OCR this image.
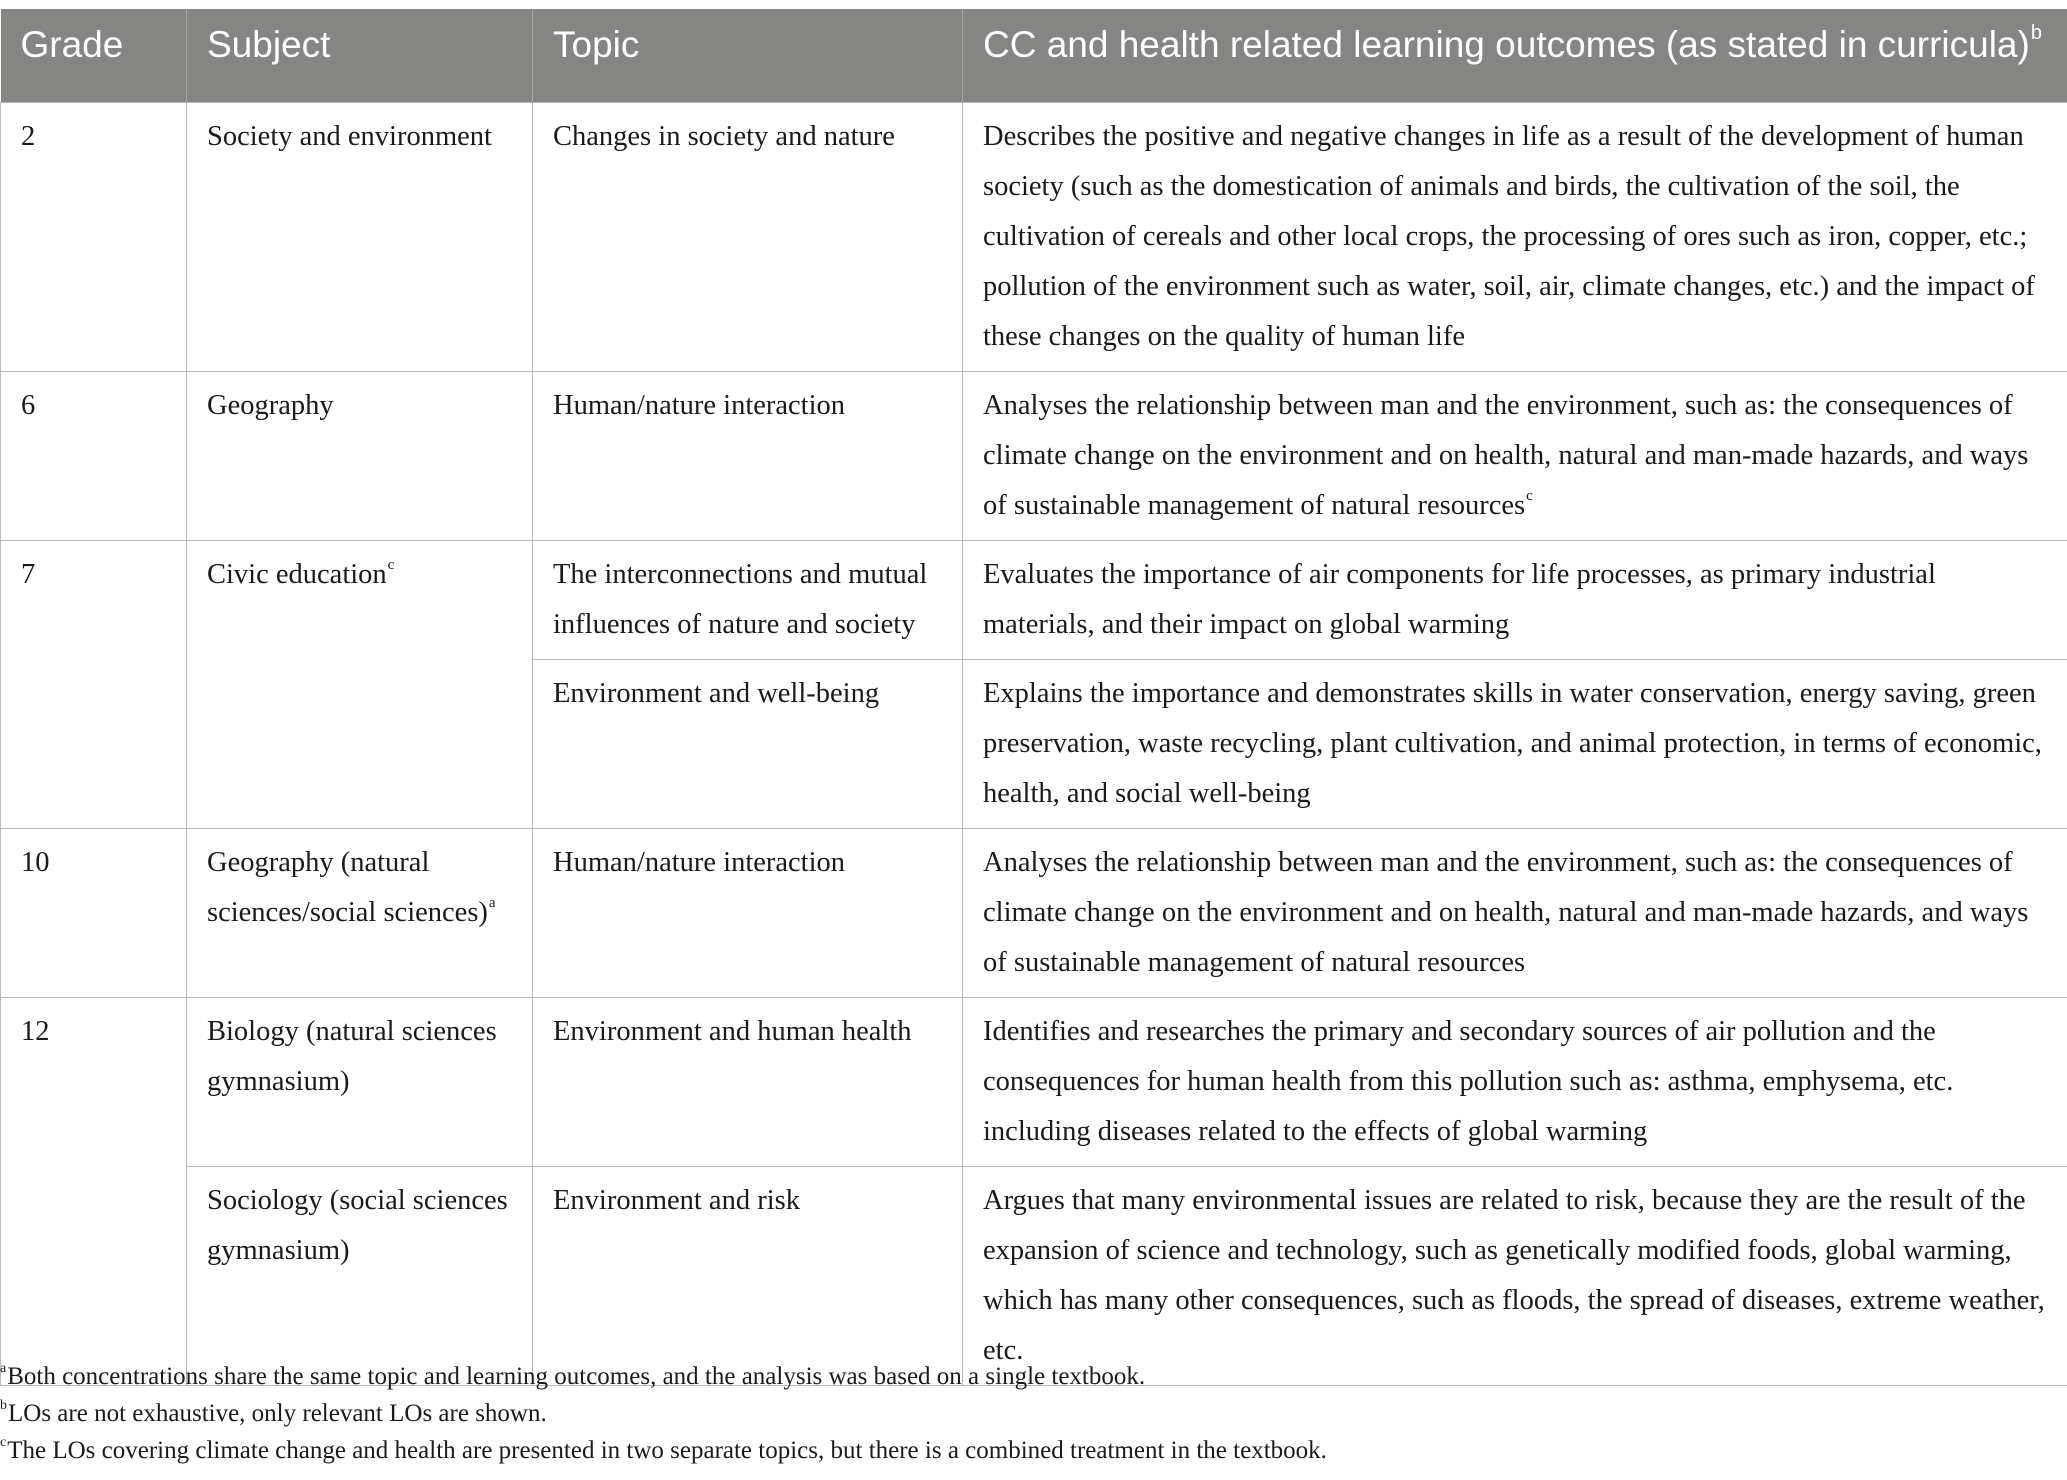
Grade	Subject	Topic	CC and health related learning outcomes (as stated in curricula)$^b$
2	Society and environment	Changes in society and nature	Describes the positive and negative changes in life as a result of the development of human society (such as the domestication of animals and birds, the cultivation of the soil, the cultivation of cereals and other local crops, the processing of ores such as iron, copper, etc.; pollution of the environment such as water, soil, air, climate changes, etc.) and the impact of these changes on the quality of human life
6	Geography	Human/nature interaction	Analyses the relationship between man and the environment, such as: the consequences of climate change on the environment and on health, natural and man-made hazards, and ways of sustainable management of natural resources$^c$
7	Civic education$^c$	The interconnections and mutual influences of nature and society	Evaluates the importance of air components for life processes, as primary industrial materials, and their impact on global warming
		Environment and well-being	Explains the importance and demonstrates skills in water conservation, energy saving, green preservation, waste recycling, plant cultivation, and animal protection, in terms of economic, health, and social well-being
10	Geography (natural sciences/social sciences)$^a$	Human/nature interaction	Analyses the relationship between man and the environment, such as: the consequences of climate change on the environment and on health, natural and man-made hazards, and ways of sustainable management of natural resources
12	Biology (natural sciences gymnasium)	Environment and human health	Identifies and researches the primary and secondary sources of air pollution and the consequences for human health from this pollution such as: asthma, emphysema, etc. including diseases related to the effects of global warming
	Sociology (social sciences gymnasium)	Environment and risk	Argues that many environmental issues are related to risk, because they are the result of the expansion of science and technology, such as genetically modified foods, global warming, which has many other consequences, such as floods, the spread of diseases, extreme weather, etc.

$^a$Both concentrations share the same topic and learning outcomes, and the analysis was based on a single textbook.

$^b$LOs are not exhaustive, only relevant LOs are shown.

$^c$The LOs covering climate change and health are presented in two separate topics, but there is a combined treatment in the textbook.
